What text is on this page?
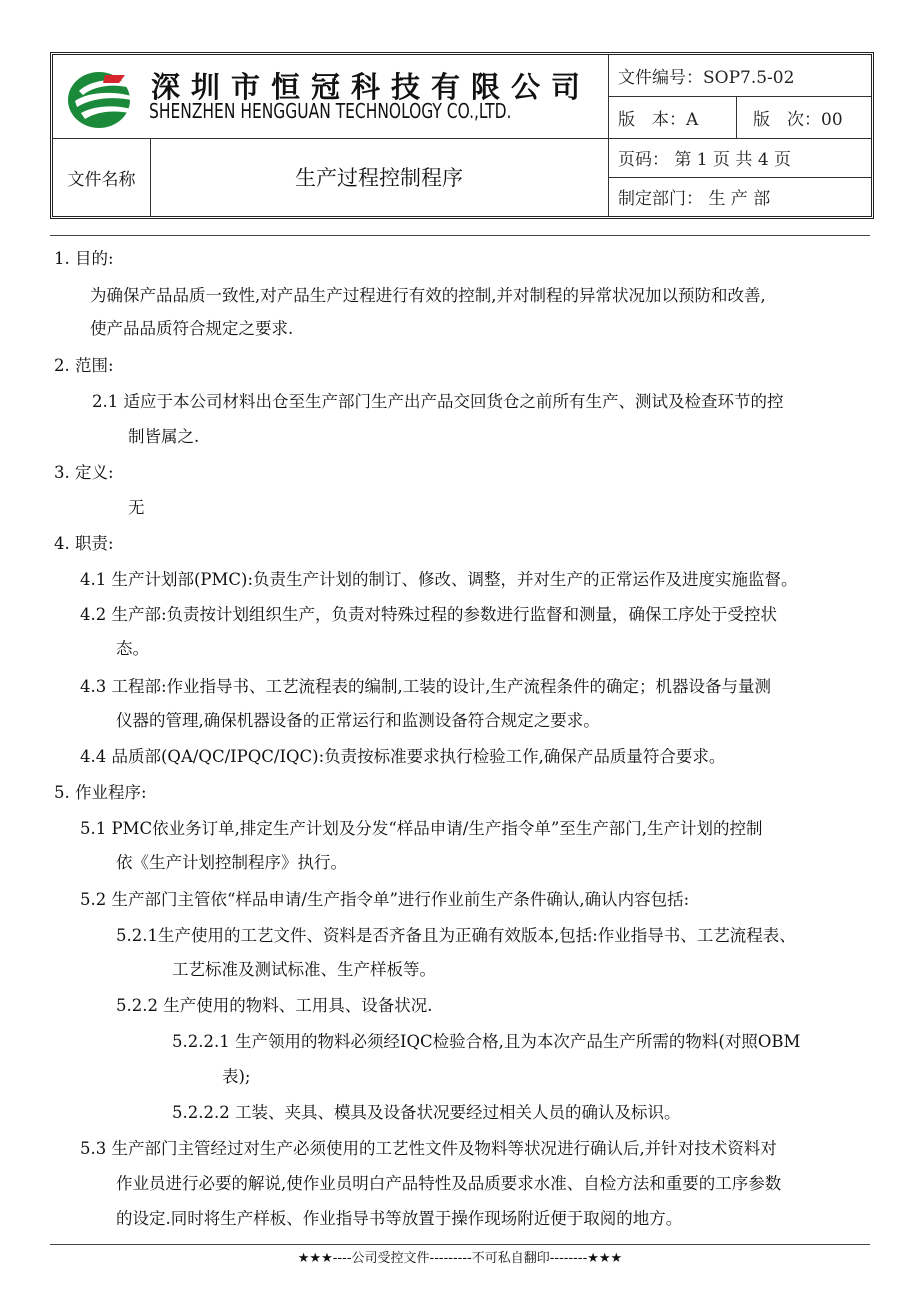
深圳市恒冠科技有限公司
SHENZHEN HENGGUAN TECHNOLOGY CO.,LTD.
文件编号：SOP7.5-02
版　本：A	版　次：00
文件名称	生产过程控制程序
页码： 第 1 页 共 4 页
制定部门： 生 产 部
1. 目的:
为确保产品品质一致性,对产品生产过程进行有效的控制,并对制程的异常状况加以预防和改善,
使产品品质符合规定之要求.
2. 范围:
2.1 适应于本公司材料出仓至生产部门生产出产品交回货仓之前所有生产、测试及检查环节的控
制皆属之.
3. 定义:
无
4. 职责:
4.1 生产计划部(PMC):负责生产计划的制订、修改、调整，并对生产的正常运作及进度实施监督。
4.2 生产部:负责按计划组织生产，负责对特殊过程的参数进行监督和测量，确保工序处于受控状
态。
4.3 工程部:作业指导书、工艺流程表的编制,工装的设计,生产流程条件的确定；机器设备与量测
仪器的管理,确保机器设备的正常运行和监测设备符合规定之要求。
4.4 品质部(QA/QC/IPQC/IQC):负责按标准要求执行检验工作,确保产品质量符合要求。
5. 作业程序:
5.1 PMC依业务订单,排定生产计划及分发“样品申请/生产指令单”至生产部门,生产计划的控制
依《生产计划控制程序》执行。
5.2 生产部门主管依“样品申请/生产指令单”进行作业前生产条件确认,确认内容包括:
5.2.1生产使用的工艺文件、资料是否齐备且为正确有效版本,包括:作业指导书、工艺流程表、
工艺标准及测试标准、生产样板等。
5.2.2 生产使用的物料、工用具、设备状况.
5.2.2.1 生产领用的物料必须经IQC检验合格,且为本次产品生产所需的物料(对照OBM
表);
5.2.2.2 工装、夹具、模具及设备状况要经过相关人员的确认及标识。
5.3 生产部门主管经过对生产必须使用的工艺性文件及物料等状况进行确认后,并针对技术资料对
作业员进行必要的解说,使作业员明白产品特性及品质要求水准、自检方法和重要的工序参数
的设定.同时将生产样板、作业指导书等放置于操作现场附近便于取阅的地方。
★★★----公司受控文件---------不可私自翻印--------★★★
